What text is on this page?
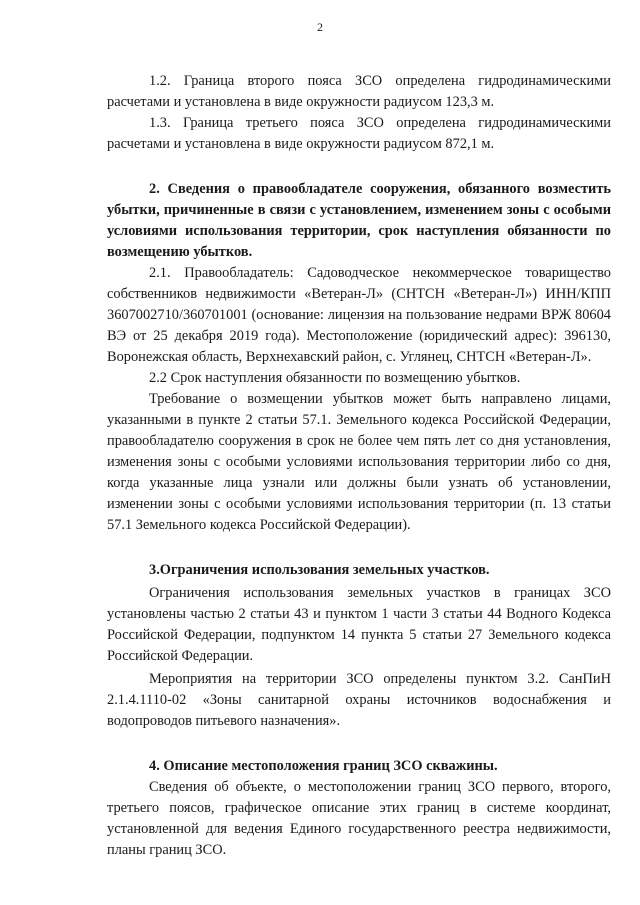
2

1.2. Граница второго пояса ЗСО определена гидродинамическими расчетами и установлена в виде окружности радиусом 123,3 м.

1.3. Граница третьего пояса ЗСО определена гидродинамическими расчетами и установлена в виде окружности радиусом 872,1 м.

2. Сведения о правообладателе сооружения, обязанного возместить убытки, причиненные в связи с установлением, изменением зоны с особыми условиями использования территории, срок наступления обязанности по возмещению убытков.

2.1. Правообладатель: Садоводческое некоммерческое товарищество собственников недвижимости «Ветеран-Л» (СНТСН «Ветеран-Л») ИНН/КПП 3607002710/360701001 (основание: лицензия на пользование недрами ВРЖ 80604 ВЭ от 25 декабря 2019 года). Местоположение (юридический адрес): 396130, Воронежская область, Верхнехавский район, с. Углянец, СНТСН «Ветеран-Л».

2.2 Срок наступления обязанности по возмещению убытков.

Требование о возмещении убытков может быть направлено лицами, указанными в пункте 2 статьи 57.1. Земельного кодекса Российской Федерации, правообладателю сооружения в срок не более чем пять лет со дня установления, изменения зоны с особыми условиями использования территории либо со дня, когда указанные лица узнали или должны были узнать об установлении, изменении зоны с особыми условиями использования территории (п. 13 статьи 57.1 Земельного кодекса Российской Федерации).

3.Ограничения использования земельных участков.

Ограничения использования земельных участков в границах ЗСО установлены частью 2 статьи 43 и пунктом 1 части 3 статьи 44 Водного Кодекса Российской Федерации, подпунктом 14 пункта 5 статьи 27 Земельного кодекса Российской Федерации.

Мероприятия на территории ЗСО определены пунктом 3.2. СанПиН 2.1.4.1110-02 «Зоны санитарной охраны источников водоснабжения и водопроводов питьевого назначения».

4. Описание местоположения границ ЗСО скважины.

Сведения об объекте, о местоположении границ ЗСО первого, второго, третьего поясов, графическое описание этих границ в системе координат, установленной для ведения Единого государственного реестра недвижимости, планы границ ЗСО.
